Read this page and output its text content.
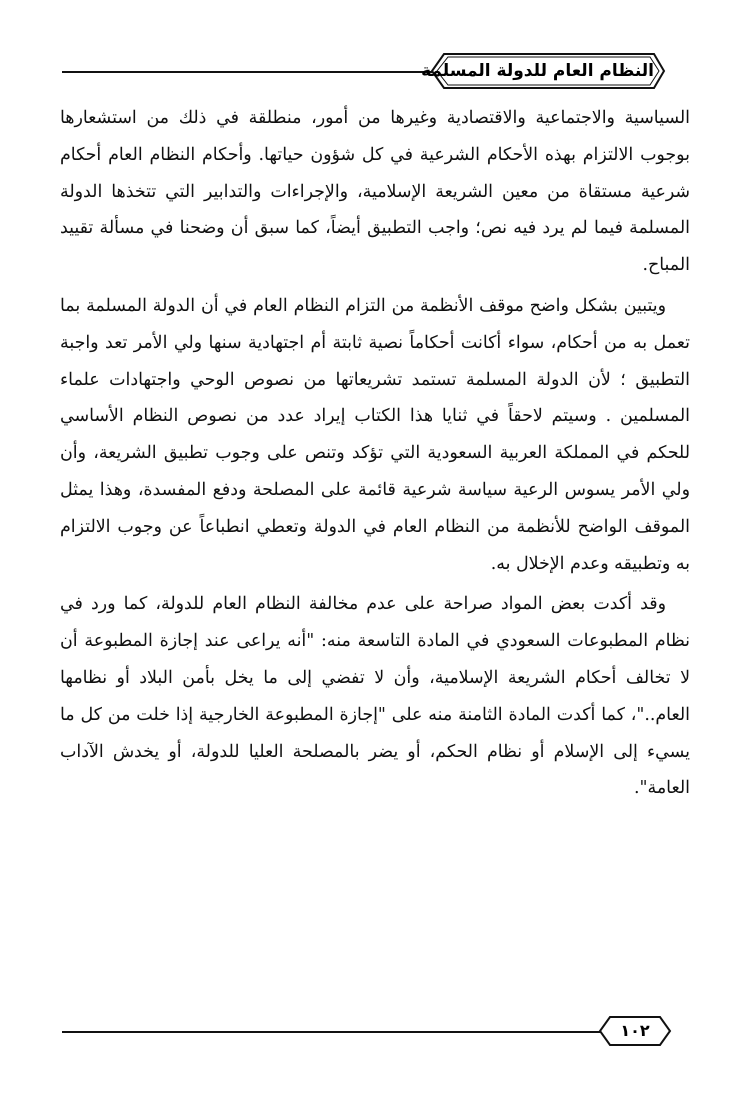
النظام العام للدولة المسلمة

السياسية والاجتماعية والاقتصادية وغيرها من أمور، منطلقة في ذلك من استشعارها بوجوب الالتزام بهذه الأحكام الشرعية في كل شؤون حياتها. وأحكام النظام العام أحكام شرعية مستقاة من معين الشريعة الإسلامية، والإجراءات والتدابير التي تتخذها الدولة المسلمة فيما لم يرد فيه نص؛ واجب التطبيق أيضاً، كما سبق أن وضحنا في مسألة تقييد المباح.

ويتبين بشكل واضح موقف الأنظمة من التزام النظام العام في أن الدولة المسلمة بما تعمل به من أحكام، سواء أكانت أحكاماً نصية ثابتة أم اجتهادية سنها ولي الأمر تعد واجبة التطبيق ؛ لأن الدولة المسلمة تستمد تشريعاتها من نصوص الوحي واجتهادات علماء المسلمين . وسيتم لاحقاً في ثنايا هذا الكتاب إيراد عدد من نصوص النظام الأساسي للحكم في المملكة العربية السعودية التي تؤكد وتنص على وجوب تطبيق الشريعة، وأن ولي الأمر يسوس الرعية سياسة شرعية قائمة على المصلحة ودفع المفسدة، وهذا يمثل الموقف الواضح للأنظمة من النظام العام في الدولة وتعطي انطباعاً عن وجوب الالتزام به وتطبيقه وعدم الإخلال به.

وقد أكدت بعض المواد صراحة على عدم مخالفة النظام العام للدولة، كما ورد في نظام المطبوعات السعودي في المادة التاسعة منه: "أنه يراعى عند إجازة المطبوعة أن لا تخالف أحكام الشريعة الإسلامية، وأن لا تفضي إلى ما يخل بأمن البلاد أو نظامها العام.."، كما أكدت المادة الثامنة منه على "إجازة المطبوعة الخارجية إذا خلت من كل ما يسيء إلى الإسلام أو نظام الحكم، أو يضر بالمصلحة العليا للدولة، أو يخدش الآداب العامة".

١٠٢
